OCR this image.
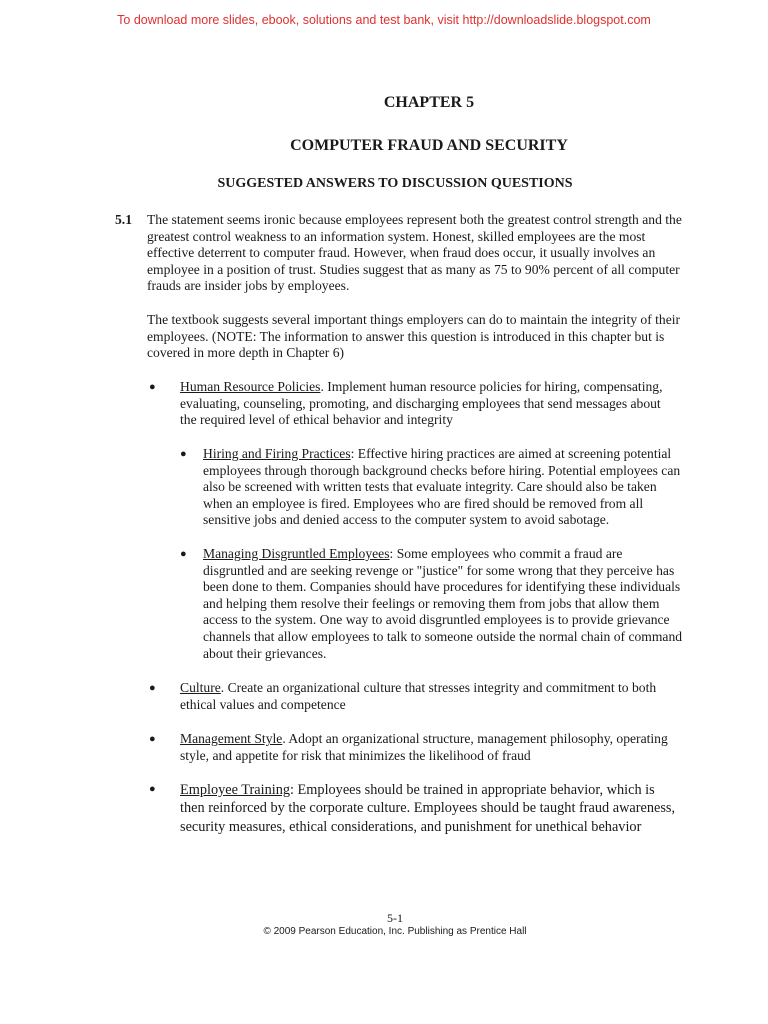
To download more slides, ebook, solutions and test bank, visit http://downloadslide.blogspot.com
CHAPTER 5
COMPUTER FRAUD AND SECURITY
SUGGESTED ANSWERS TO DISCUSSION QUESTIONS
5.1 The statement seems ironic because employees represent both the greatest control strength and the greatest control weakness to an information system. Honest, skilled employees are the most effective deterrent to computer fraud. However, when fraud does occur, it usually involves an employee in a position of trust. Studies suggest that as many as 75 to 90% percent of all computer frauds are insider jobs by employees.
The textbook suggests several important things employers can do to maintain the integrity of their employees. (NOTE: The information to answer this question is introduced in this chapter but is covered in more depth in Chapter 6)
● Human Resource Policies. Implement human resource policies for hiring, compensating, evaluating, counseling, promoting, and discharging employees that send messages about the required level of ethical behavior and integrity
● Hiring and Firing Practices: Effective hiring practices are aimed at screening potential employees through thorough background checks before hiring. Potential employees can also be screened with written tests that evaluate integrity. Care should also be taken when an employee is fired. Employees who are fired should be removed from all sensitive jobs and denied access to the computer system to avoid sabotage.
● Managing Disgruntled Employees: Some employees who commit a fraud are disgruntled and are seeking revenge or "justice" for some wrong that they perceive has been done to them. Companies should have procedures for identifying these individuals and helping them resolve their feelings or removing them from jobs that allow them access to the system. One way to avoid disgruntled employees is to provide grievance channels that allow employees to talk to someone outside the normal chain of command about their grievances.
● Culture. Create an organizational culture that stresses integrity and commitment to both ethical values and competence
● Management Style. Adopt an organizational structure, management philosophy, operating style, and appetite for risk that minimizes the likelihood of fraud
● Employee Training: Employees should be trained in appropriate behavior, which is then reinforced by the corporate culture. Employees should be taught fraud awareness, security measures, ethical considerations, and punishment for unethical behavior
5-1
© 2009 Pearson Education, Inc. Publishing as Prentice Hall
